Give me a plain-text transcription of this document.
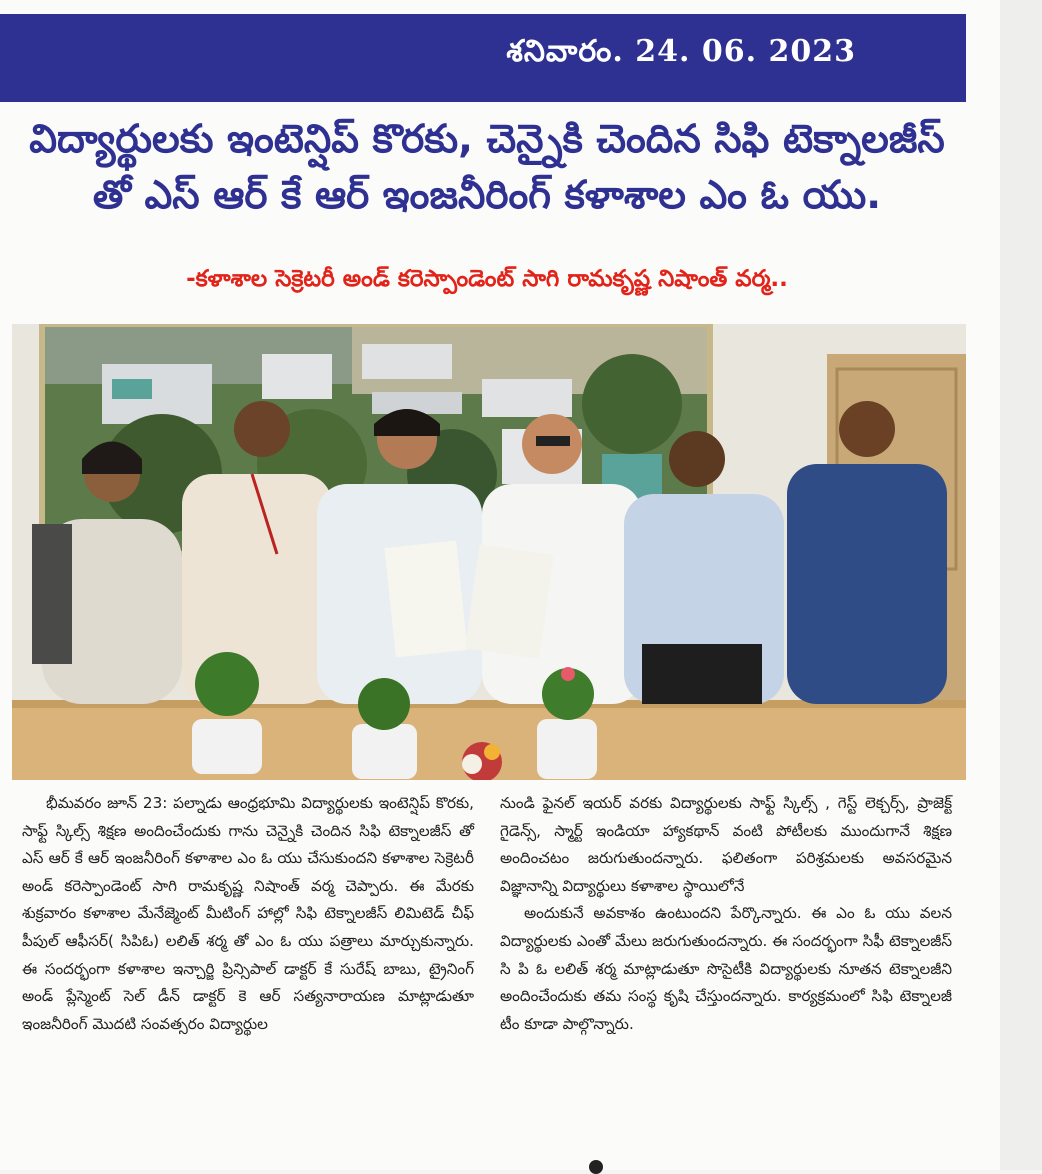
శనివారం. 24. 06. 2023
విద్యార్థులకు ఇంటెన్షిప్ కొరకు, చెన్నైకి చెందిన సిఫి టెక్నాలజీస్
తో ఎస్ ఆర్ కే ఆర్ ఇంజనీరింగ్ కళాశాల ఎం ఓ యు.
-కళాశాల సెక్రెటరీ అండ్ కరెస్పాండెంట్ సాగి రామకృష్ణ నిషాంత్ వర్మ..

భీమవరం జూన్ 23: పల్నాడు ఆంధ్రభూమి విద్యార్థులకు ఇంటెన్షిప్ కొరకు, సాఫ్ట్ స్కిల్స్ శిక్షణ అందించేందుకు గాను చెన్నైకి చెందిన సిఫి టెక్నాలజీస్ తో ఎస్ ఆర్ కే ఆర్ ఇంజనీరింగ్ కళాశాల ఎం ఓ యు చేసుకుందని కళాశాల సెక్రెటరీ అండ్ కరెస్పాండెంట్ సాగి రామకృష్ణ నిషాంత్ వర్మ చెప్పారు. ఈ మేరకు శుక్రవారం కళాశాల మేనేజ్మెంట్ మీటింగ్ హాల్లో సిఫి టెక్నాలజీస్ లిమిటెడ్ చీఫ్ పీపుల్ ఆఫీసర్( సిపిఓ) లలిత్ శర్మ తో ఎం ఓ యు పత్రాలు మార్చుకున్నారు. ఈ సందర్భంగా కళాశాల ఇన్చార్జి ప్రిన్సిపాల్ డాక్టర్ కే సురేష్ బాబు, ట్రైనింగ్ అండ్ ప్లేస్మెంట్ సెల్ డీన్ డాక్టర్ కె ఆర్ సత్యనారాయణ మాట్లాడుతూ ఇంజనీరింగ్ మొదటి సంవత్సరం విద్యార్థుల

నుండి ఫైనల్ ఇయర్ వరకు విద్యార్థులకు సాఫ్ట్ స్కిల్స్ , గెస్ట్ లెక్చర్స్, ప్రాజెక్ట్ గైడెన్స్, స్మార్ట్ ఇండియా హ్యాకథాన్ వంటి పోటీలకు ముందుగానే శిక్షణ అందించటం జరుగుతుందన్నారు. ఫలితంగా పరిశ్రమలకు అవసరమైన విజ్ఞానాన్ని విద్యార్థులు కళాశాల స్థాయిలోనే

అందుకునే అవకాశం ఉంటుందని పేర్కొన్నారు. ఈ ఎం ఓ యు వలన విద్యార్థులకు ఎంతో మేలు జరుగుతుందన్నారు. ఈ సందర్భంగా సిఫీ టెక్నాలజీస్ సి పి ఓ లలిత్ శర్మ మాట్లాడుతూ సొసైటీకి విద్యార్థులకు నూతన టెక్నాలజీని అందించేందుకు తమ సంస్థ కృషి చేస్తుందన్నారు. కార్యక్రమంలో సిఫి టెక్నాలజీ టీం కూడా పాల్గొన్నారు.
